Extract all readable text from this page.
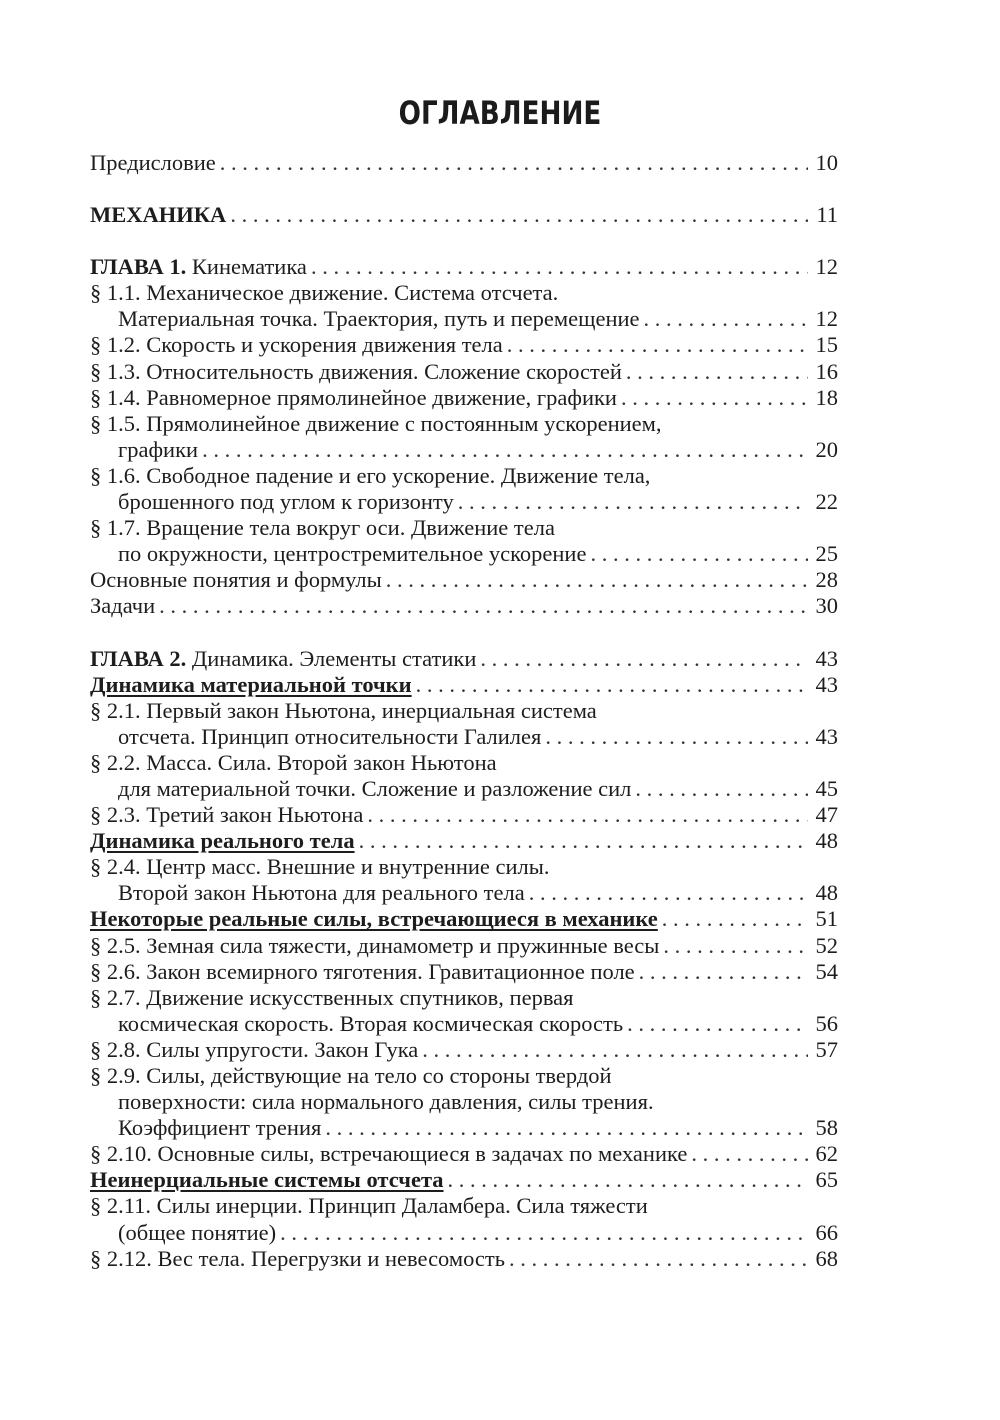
ОГЛАВЛЕНИЕ
Предисловие . . .	10
МЕХАНИКА . . .	11
ГЛАВА 1. Кинематика . . .	12
§ 1.1. Механическое движение. Система отсчета.
Материальная точка. Траектория, путь и перемещение . . .	12
§ 1.2. Скорость и ускорения движения тела . . .	15
§ 1.3. Относительность движения. Сложение скоростей . . .	16
§ 1.4. Равномерное прямолинейное движение, графики . . .	18
§ 1.5. Прямолинейное движение с постоянным ускорением,
графики . . .	20
§ 1.6. Свободное падение и его ускорение. Движение тела,
брошенного под углом к горизонту . . .	22
§ 1.7. Вращение тела вокруг оси. Движение тела
по окружности, центростремительное ускорение . . .	25
Основные понятия и формулы . . .	28
Задачи . . .	30
ГЛАВА 2. Динамика. Элементы статики . . .	43
Динамика материальной точки . . .	43
§ 2.1. Первый закон Ньютона, инерциальная система
отсчета. Принцип относительности Галилея . . .	43
§ 2.2. Масса. Сила. Второй закон Ньютона
для материальной точки. Сложение и разложение сил . . .	45
§ 2.3. Третий закон Ньютона . . .	47
Динамика реального тела . . .	48
§ 2.4. Центр масс. Внешние и внутренние силы.
Второй закон Ньютона для реального тела . . .	48
Некоторые реальные силы, встречающиеся в механике . . .	51
§ 2.5. Земная сила тяжести, динамометр и пружинные весы . . .	52
§ 2.6. Закон всемирного тяготения. Гравитационное поле . . .	54
§ 2.7. Движение искусственных спутников, первая
космическая скорость. Вторая космическая скорость . . .	56
§ 2.8. Силы упругости. Закон Гука . . .	57
§ 2.9. Силы, действующие на тело со стороны твердой
поверхности: сила нормального давления, силы трения.
Коэффициент трения . . .	58
§ 2.10. Основные силы, встречающиеся в задачах по механике . . .	62
Неинерциальные системы отсчета . . .	65
§ 2.11. Силы инерции. Принцип Даламбера. Сила тяжести
(общее понятие) . . .	66
§ 2.12. Вес тела. Перегрузки и невесомость . . .	68
